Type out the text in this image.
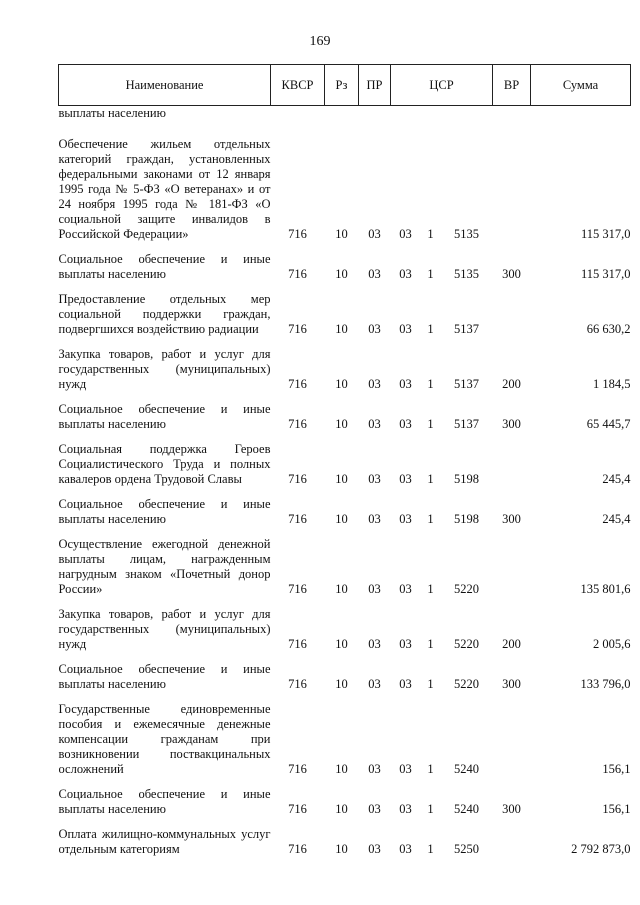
169
Наименование	КВСР	Рз	ПР	ЦСР			ВР	Сумма
выплаты населению								
Обеспечение жильем отдельных категорий граждан, установленных федеральными законами от 12 января 1995 года № 5-ФЗ «О ветеранах» и от 24 ноября 1995 года № 181-ФЗ «О социальной защите инвалидов в Российской Федерации»	716	10	03	03	1	5135		115 317,0
Социальное обеспечение и иные выплаты населению	716	10	03	03	1	5135	300	115 317,0
Предоставление отдельных мер социальной поддержки граждан, подвергшихся воздействию радиации	716	10	03	03	1	5137		66 630,2
Закупка товаров, работ и услуг для государственных (муниципальных) нужд	716	10	03	03	1	5137	200	1 184,5
Социальное обеспечение и иные выплаты населению	716	10	03	03	1	5137	300	65 445,7
Социальная поддержка Героев Социалистического Труда и полных кавалеров ордена Трудовой Славы	716	10	03	03	1	5198		245,4
Социальное обеспечение и иные выплаты населению	716	10	03	03	1	5198	300	245,4
Осуществление ежегодной денежной выплаты лицам, награжденным нагрудным знаком «Почетный донор России»	716	10	03	03	1	5220		135 801,6
Закупка товаров, работ и услуг для государственных (муниципальных) нужд	716	10	03	03	1	5220	200	2 005,6
Социальное обеспечение и иные выплаты населению	716	10	03	03	1	5220	300	133 796,0
Государственные единовременные пособия и ежемесячные денежные компенсации гражданам при возникновении поствакцинальных осложнений	716	10	03	03	1	5240		156,1
Социальное обеспечение и иные выплаты населению	716	10	03	03	1	5240	300	156,1
Оплата жилищно-коммунальных услуг отдельным категориям	716	10	03	03	1	5250		2 792 873,0
